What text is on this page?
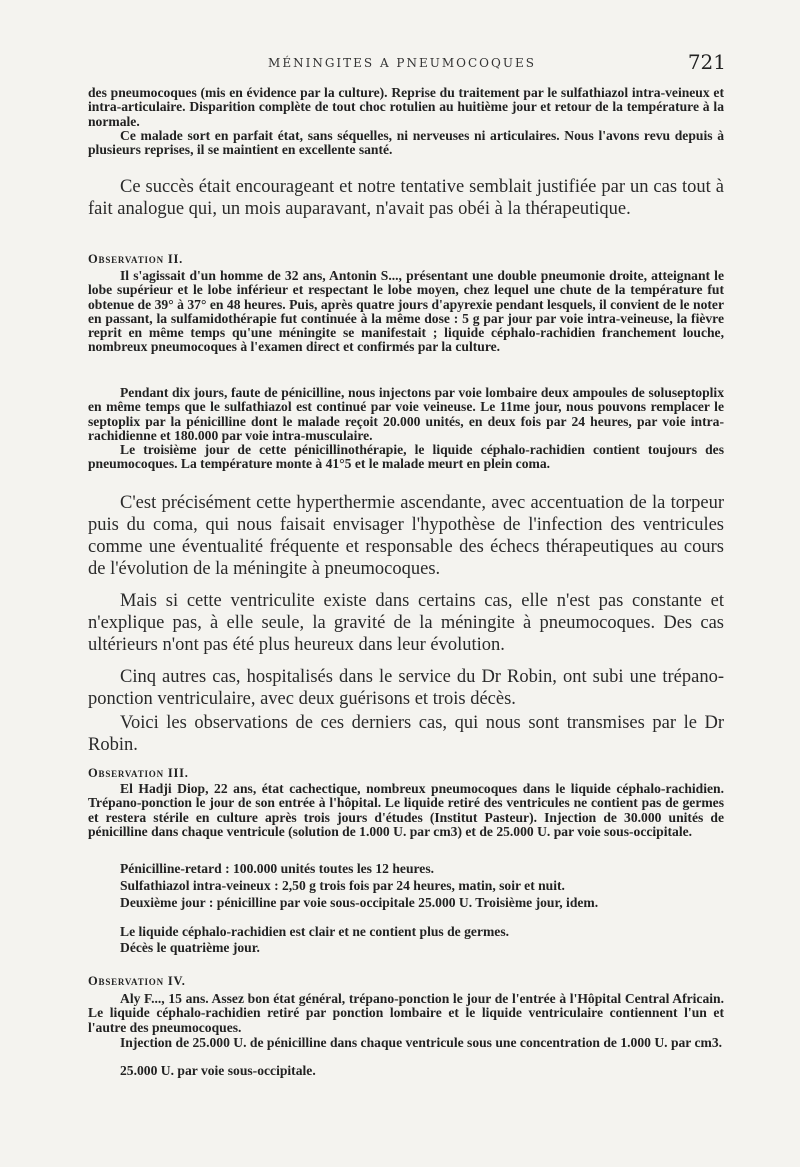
MÉNINGITES A PNEUMOCOQUES	721

des pneumocoques (mis en évidence par la culture). Reprise du traitement par le sulfathiazol intra-veineux et intra-articulaire. Disparition complète de tout choc rotulien au huitième jour et retour de la température à la normale.

Ce malade sort en parfait état, sans séquelles, ni nerveuses ni articulaires. Nous l'avons revu depuis à plusieurs reprises, il se maintient en excellente santé.

Ce succès était encourageant et notre tentative semblait justifiée par un cas tout à fait analogue qui, un mois auparavant, n'avait pas obéi à la thérapeutique.

Observation II.

Il s'agissait d'un homme de 32 ans, Antonin S..., présentant une double pneumonie droite, atteignant le lobe supérieur et le lobe inférieur et respectant le lobe moyen, chez lequel une chute de la température fut obtenue de 39° à 37° en 48 heures. Puis, après quatre jours d'apyrexie pendant lesquels, il convient de le noter en passant, la sulfamidothérapie fut continuée à la même dose : 5 g par jour par voie intra-veineuse, la fièvre reprit en même temps qu'une méningite se manifestait ; liquide céphalo-rachidien franchement louche, nombreux pneumocoques à l'examen direct et confirmés par la culture.

Pendant dix jours, faute de pénicilline, nous injectons par voie lombaire deux ampoules de soluseptoplix en même temps que le sulfathiazol est continué par voie veineuse. Le 11me jour, nous pouvons remplacer le septoplix par la pénicilline dont le malade reçoit 20.000 unités, en deux fois par 24 heures, par voie intra-rachidienne et 180.000 par voie intra-musculaire.

Le troisième jour de cette pénicillinothérapie, le liquide céphalo-rachidien contient toujours des pneumocoques. La température monte à 41°5 et le malade meurt en plein coma.

C'est précisément cette hyperthermie ascendante, avec accentuation de la torpeur puis du coma, qui nous faisait envisager l'hypothèse de l'infection des ventricules comme une éventualité fréquente et responsable des échecs thérapeutiques au cours de l'évolution de la méningite à pneumocoques.

Mais si cette ventriculite existe dans certains cas, elle n'est pas constante et n'explique pas, à elle seule, la gravité de la méningite à pneumocoques. Des cas ultérieurs n'ont pas été plus heureux dans leur évolution.

Cinq autres cas, hospitalisés dans le service du Dr Robin, ont subi une trépano-ponction ventriculaire, avec deux guérisons et trois décès.

Voici les observations de ces derniers cas, qui nous sont transmises par le Dr Robin.

Observation III.

El Hadji Diop, 22 ans, état cachectique, nombreux pneumocoques dans le liquide céphalo-rachidien. Trépano-ponction le jour de son entrée à l'hôpital. Le liquide retiré des ventricules ne contient pas de germes et restera stérile en culture après trois jours d'études (Institut Pasteur). Injection de 30.000 unités de pénicilline dans chaque ventricule (solution de 1.000 U. par cm3) et de 25.000 U. par voie sous-occipitale.

Pénicilline-retard : 100.000 unités toutes les 12 heures.

Sulfathiazol intra-veineux : 2,50 g trois fois par 24 heures, matin, soir et nuit.

Deuxième jour : pénicilline par voie sous-occipitale 25.000 U. Troisième jour, idem.

Le liquide céphalo-rachidien est clair et ne contient plus de germes.

Décès le quatrième jour.

Observation IV.

Aly F..., 15 ans. Assez bon état général, trépano-ponction le jour de l'entrée à l'Hôpital Central Africain. Le liquide céphalo-rachidien retiré par ponction lombaire et le liquide ventriculaire contiennent l'un et l'autre des pneumocoques.

Injection de 25.000 U. de pénicilline dans chaque ventricule sous une concentration de 1.000 U. par cm3.

25.000 U. par voie sous-occipitale.
